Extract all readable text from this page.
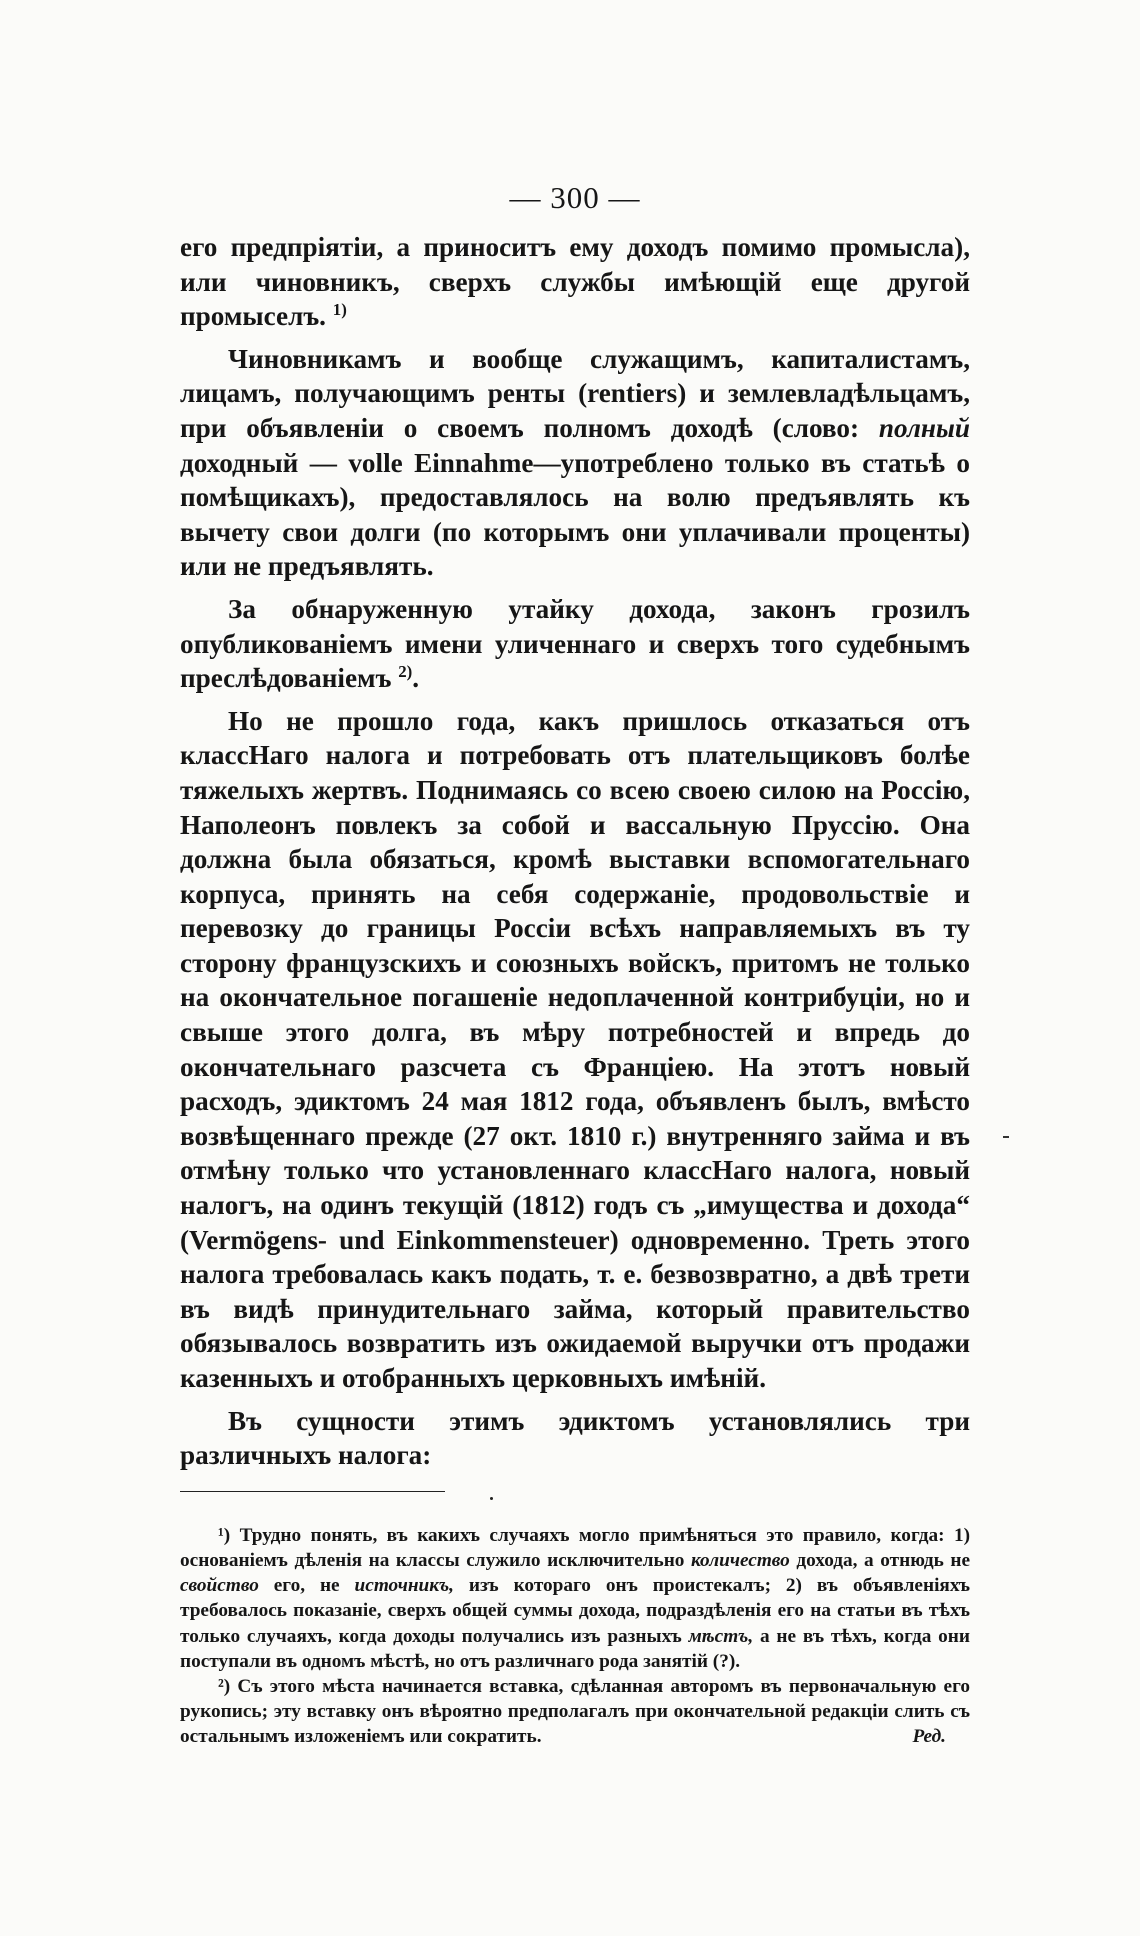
— 300 —

его предпріятіи, а приноситъ ему доходъ помимо промысла), или чиновникъ, сверхъ службы имѣющій еще другой промыселъ. $^{1)}$

Чиновникамъ и вообще служащимъ, капиталистамъ, лицамъ, получающимъ ренты (rentiers) и землевладѣльцамъ, при объявленіи о своемъ полномъ доходѣ (слово: полный доходный — volle Einnahme—употреблено только въ статьѣ о помѣщикахъ), предоставлялось на волю предъявлять къ вычету свои долги (по которымъ они уплачивали проценты) или не предъявлять.

За обнаруженную утайку дохода, законъ грозилъ опубликованіемъ имени уличеннаго и сверхъ того судебнымъ преслѣдованіемъ $^{2)}$.

Но не прошло года, какъ пришлось отказаться отъ классНаго налога и потребовать отъ плательщиковъ болѣе тяжелыхъ жертвъ. Поднимаясь со всею своею силою на Россію, Наполеонъ повлекъ за собой и вассальную Пруссію. Она должна была обязаться, кромѣ выставки вспомогательнаго корпуса, принять на себя содержаніе, продовольствіе и перевозку до границы Россіи всѣхъ направляемыхъ въ ту сторону французскихъ и союзныхъ войскъ, притомъ не только на окончательное погашеніе недоплаченной контрибуціи, но и свыше этого долга, въ мѣру потребностей и впредь до окончательнаго разсчета съ Франціею. На этотъ новый расходъ, эдиктомъ 24 мая 1812 года, объявленъ былъ, вмѣсто возвѣщеннаго прежде (27 окт. 1810 г.) внутренняго займа и въ отмѣну только что установленнаго классНаго налога, новый налогъ, на одинъ текущій (1812) годъ съ „имущества и дохода“ (Vermögens- und Einkommensteuer) одновременно. Треть этого налога требовалась какъ подать, т. е. безвозвратно, а двѣ трети въ видѣ принудительнаго займа, который правительство обязывалось возвратить изъ ожидаемой выручки отъ продажи казенныхъ и отобранныхъ церковныхъ имѣній.

Въ сущности этимъ эдиктомъ установлялись три различныхъ налога:

¹) Трудно понять, въ какихъ случаяхъ могло примѣняться это правило, когда: 1) основаніемъ дѣленія на классы служило исключительно количество дохода, а отнюдь не свойство его, не источникъ, изъ котораго онъ проистекалъ; 2) въ объявленіяхъ требовалось показаніе, сверхъ общей суммы дохода, подраздѣленія его на статьи въ тѣхъ только случаяхъ, когда доходы получались изъ разныхъ мѣстъ, а не въ тѣхъ, когда они поступали въ одномъ мѣстѣ, но отъ различнаго рода занятій (?).

²) Съ этого мѣста начинается вставка, сдѣланная авторомъ въ первоначальную его рукопись; эту вставку онъ вѣроятно предполагалъ при окончательной редакціи слить съ остальнымъ изложеніемъ или сократить.	Ред.
